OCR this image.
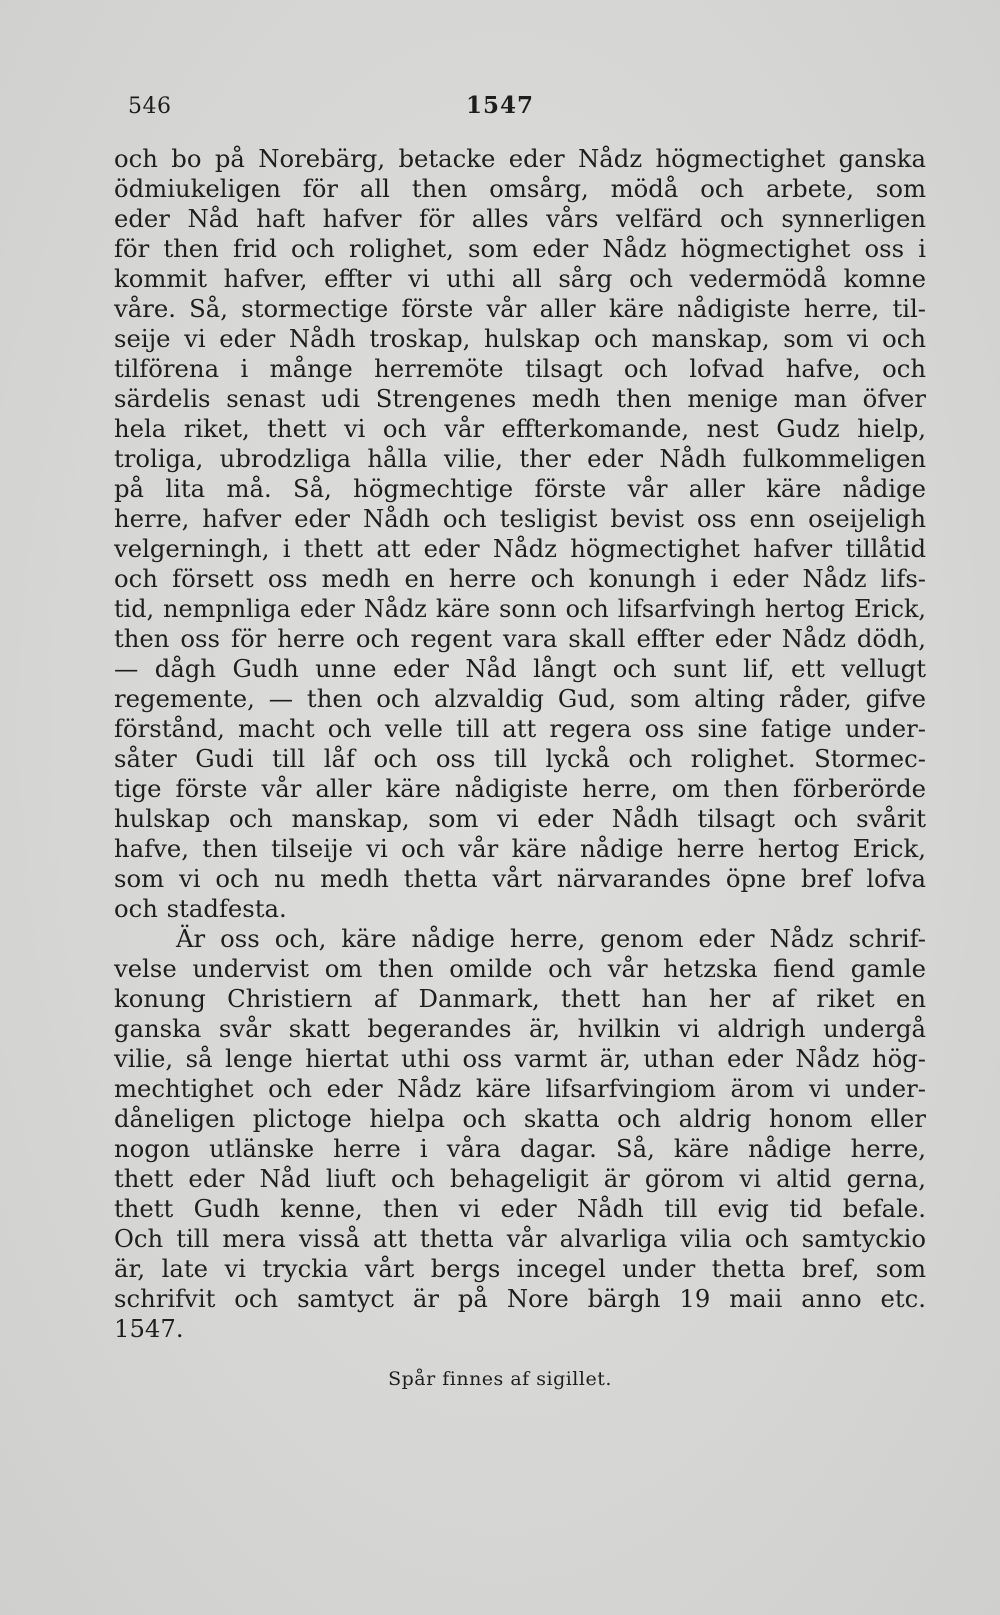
546	1547
och bo på Norebärg, betacke eder Nådz högmectighet ganska
ödmiukeligen för all then omsårg, mödå och arbete, som
eder Nåd haft hafver för alles vårs velfärd och synnerligen
för then frid och rolighet, som eder Nådz högmectighet oss i
kommit hafver, effter vi uthi all sårg och vedermödå komne
våre. Så, stormectige förste vår aller käre nådigiste herre, til-
seije vi eder Nådh troskap, hulskap och manskap, som vi och
tilförena i månge herremöte tilsagt och lofvad hafve, och
särdelis senast udi Strengenes medh then menige man öfver
hela riket, thett vi och vår effterkomande, nest Gudz hielp,
troliga, ubrodzliga hålla vilie, ther eder Nådh fulkommeligen
på lita må. Så, högmechtige förste vår aller käre nådige
herre, hafver eder Nådh och tesligist bevist oss enn oseijeligh
velgerningh, i thett att eder Nådz högmectighet hafver tillåtid
och försett oss medh en herre och konungh i eder Nådz lifs-
tid, nempnliga eder Nådz käre sonn och lifsarfvingh hertog Erick,
then oss för herre och regent vara skall effter eder Nådz dödh,
— dågh Gudh unne eder Nåd långt och sunt lif, ett vellugt
regemente, — then och alzvaldig Gud, som alting råder, gifve
förstånd, macht och velle till att regera oss sine fatige under-
såter Gudi till låf och oss till lyckå och rolighet. Stormec-
tige förste vår aller käre nådigiste herre, om then förberörde
hulskap och manskap, som vi eder Nådh tilsagt och svårit
hafve, then tilseije vi och vår käre nådige herre hertog Erick,
som vi och nu medh thetta vårt närvarandes öpne bref lofva
och stadfesta.
Är oss och, käre nådige herre, genom eder Nådz schrif-
velse undervist om then omilde och vår hetzska fiend gamle
konung Christiern af Danmark, thett han her af riket en
ganska svår skatt begerandes är, hvilkin vi aldrigh undergå
vilie, så lenge hiertat uthi oss varmt är, uthan eder Nådz hög-
mechtighet och eder Nådz käre lifsarfvingiom ärom vi under-
dåneligen plictoge hielpa och skatta och aldrig honom eller
nogon utlänske herre i våra dagar. Så, käre nådige herre,
thett eder Nåd liuft och behageligit är görom vi altid gerna,
thett Gudh kenne, then vi eder Nådh till evig tid befale.
Och till mera visså att thetta vår alvarliga vilia och samtyckio
är, late vi tryckia vårt bergs incegel under thetta bref, som
schrifvit och samtyct är på Nore bärgh 19 maii anno etc.
1547.
Spår finnes af sigillet.
